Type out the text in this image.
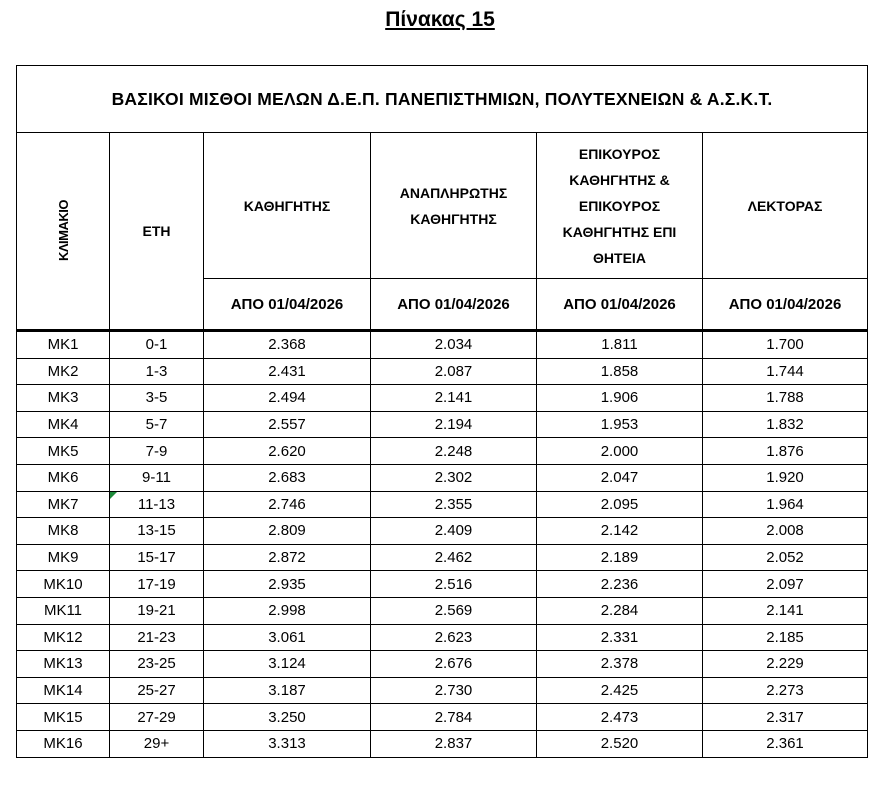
Πίνακας 15
ΒΑΣΙΚΟΙ ΜΙΣΘΟΙ ΜΕΛΩΝ Δ.Ε.Π. ΠΑΝΕΠΙΣΤΗΜΙΩΝ, ΠΟΛΥΤΕΧΝΕΙΩΝ & Α.Σ.Κ.Τ.					
ΚΛΙΜΑΚΙΟ	ΕΤΗ	ΚΑΘΗΓΗΤΗΣ	ΑΝΑΠΛΗΡΩΤΗΣ ΚΑΘΗΓΗΤΗΣ	ΕΠΙΚΟΥΡΟΣ ΚΑΘΗΓΗΤΗΣ & ΕΠΙΚΟΥΡΟΣ ΚΑΘΗΓΗΤΗΣ ΕΠΙ ΘΗΤΕΙΑ	ΛΕΚΤΟΡΑΣ
		ΑΠΟ 01/04/2026	ΑΠΟ 01/04/2026	ΑΠΟ 01/04/2026	ΑΠΟ 01/04/2026
ΜΚ1	0-1	2.368	2.034	1.811	1.700
ΜΚ2	1-3	2.431	2.087	1.858	1.744
ΜΚ3	3-5	2.494	2.141	1.906	1.788
ΜΚ4	5-7	2.557	2.194	1.953	1.832
ΜΚ5	7-9	2.620	2.248	2.000	1.876
ΜΚ6	9-11	2.683	2.302	2.047	1.920
ΜΚ7	11-13	2.746	2.355	2.095	1.964
ΜΚ8	13-15	2.809	2.409	2.142	2.008
ΜΚ9	15-17	2.872	2.462	2.189	2.052
ΜΚ10	17-19	2.935	2.516	2.236	2.097
ΜΚ11	19-21	2.998	2.569	2.284	2.141
ΜΚ12	21-23	3.061	2.623	2.331	2.185
ΜΚ13	23-25	3.124	2.676	2.378	2.229
ΜΚ14	25-27	3.187	2.730	2.425	2.273
ΜΚ15	27-29	3.250	2.784	2.473	2.317
ΜΚ16	29+	3.313	2.837	2.520	2.361
